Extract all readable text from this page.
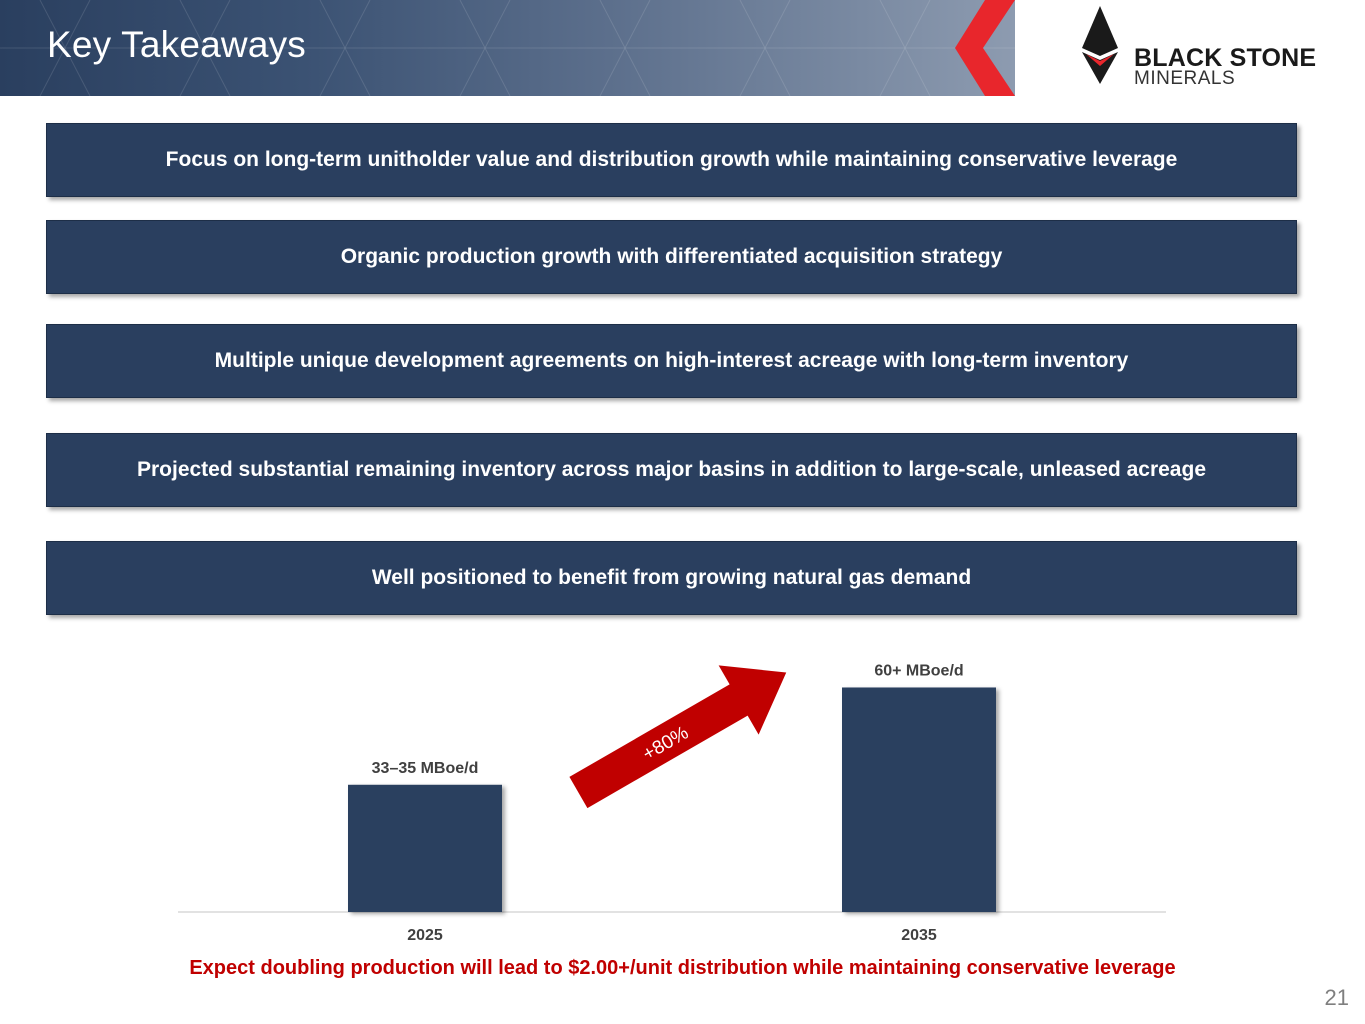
Key Takeaways	BLACK STONE
MINERALS
Focus on long-term unitholder value and distribution growth while maintaining conservative leverage
Organic production growth with differentiated acquisition strategy
Multiple unique development agreements on high-interest acreage with long-term inventory
Projected substantial remaining inventory across major basins in addition to large-scale, unleased acreage
Well positioned to benefit from growing natural gas demand
33–35 MBoe/d
2025
60+ MBoe/d
2035
+80%
Expect doubling production will lead to $2.00+/unit distribution while maintaining conservative leverage
21
